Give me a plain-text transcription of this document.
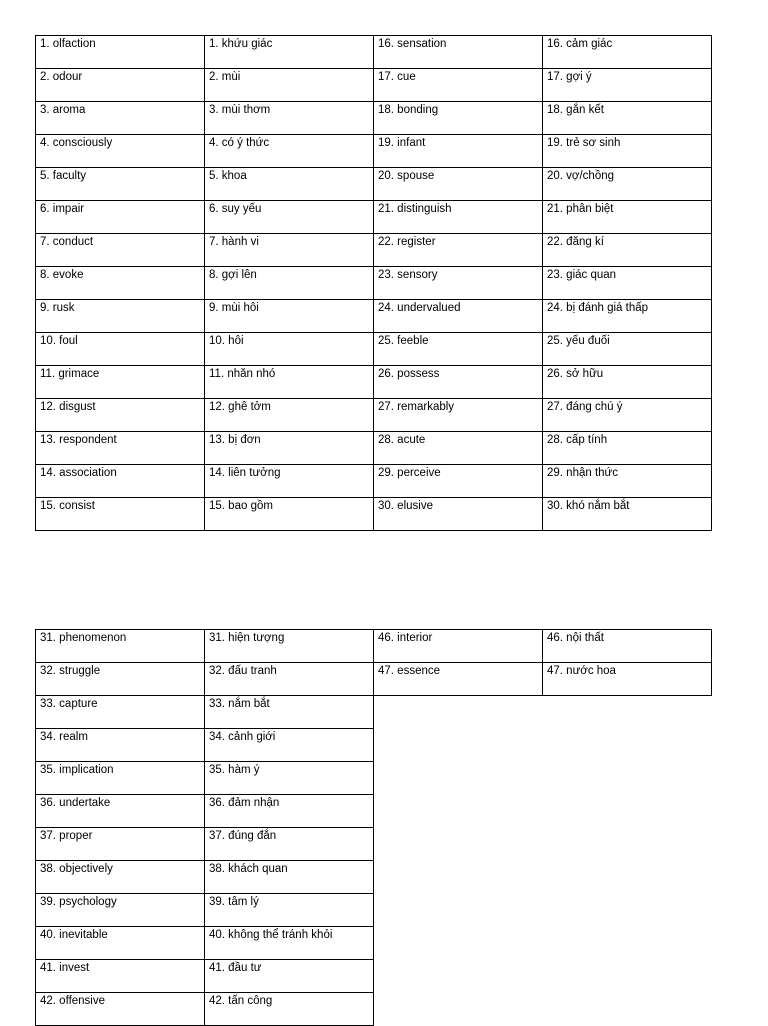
1. olfaction	1. khứu giác	16. sensation	16. cảm giác
2. odour	2. mùi	17. cue	17. gợi ý
3. aroma	3. mùi thơm	18. bonding	18. gắn kết
4. consciously	4. có ý thức	19. infant	19. trẻ sơ sinh
5. faculty	5. khoa	20. spouse	20. vợ/chồng
6. impair	6. suy yếu	21. distinguish	21. phân biệt
7. conduct	7. hành vi	22. register	22. đăng kí
8. evoke	8. gợi lên	23. sensory	23. giác quan
9. rusk	9. mùi hôi	24. undervalued	24. bị đánh giá thấp
10. foul	10. hôi	25. feeble	25. yếu đuối
11. grimace	11. nhăn nhó	26. possess	26. sở hữu
12. disgust	12. ghê tởm	27. remarkably	27. đáng chú ý
13. respondent	13. bị đơn	28. acute	28. cấp tính
14. association	14. liên tưởng	29. perceive	29. nhận thức
15. consist	15. bao gồm	30. elusive	30. khó nắm bắt
31. phenomenon	31. hiện tượng	46. interior	46. nội thất
32. struggle	32. đấu tranh	47. essence	47. nước hoa
33. capture	33. nắm bắt		
34. realm	34. cảnh giới		
35. implication	35. hàm ý		
36. undertake	36. đảm nhận		
37. proper	37. đúng đắn		
38. objectively	38. khách quan		
39. psychology	39. tâm lý		
40. inevitable	40. không thể tránh khỏi		
41. invest	41. đầu tư		
42. offensive	42. tấn công		
